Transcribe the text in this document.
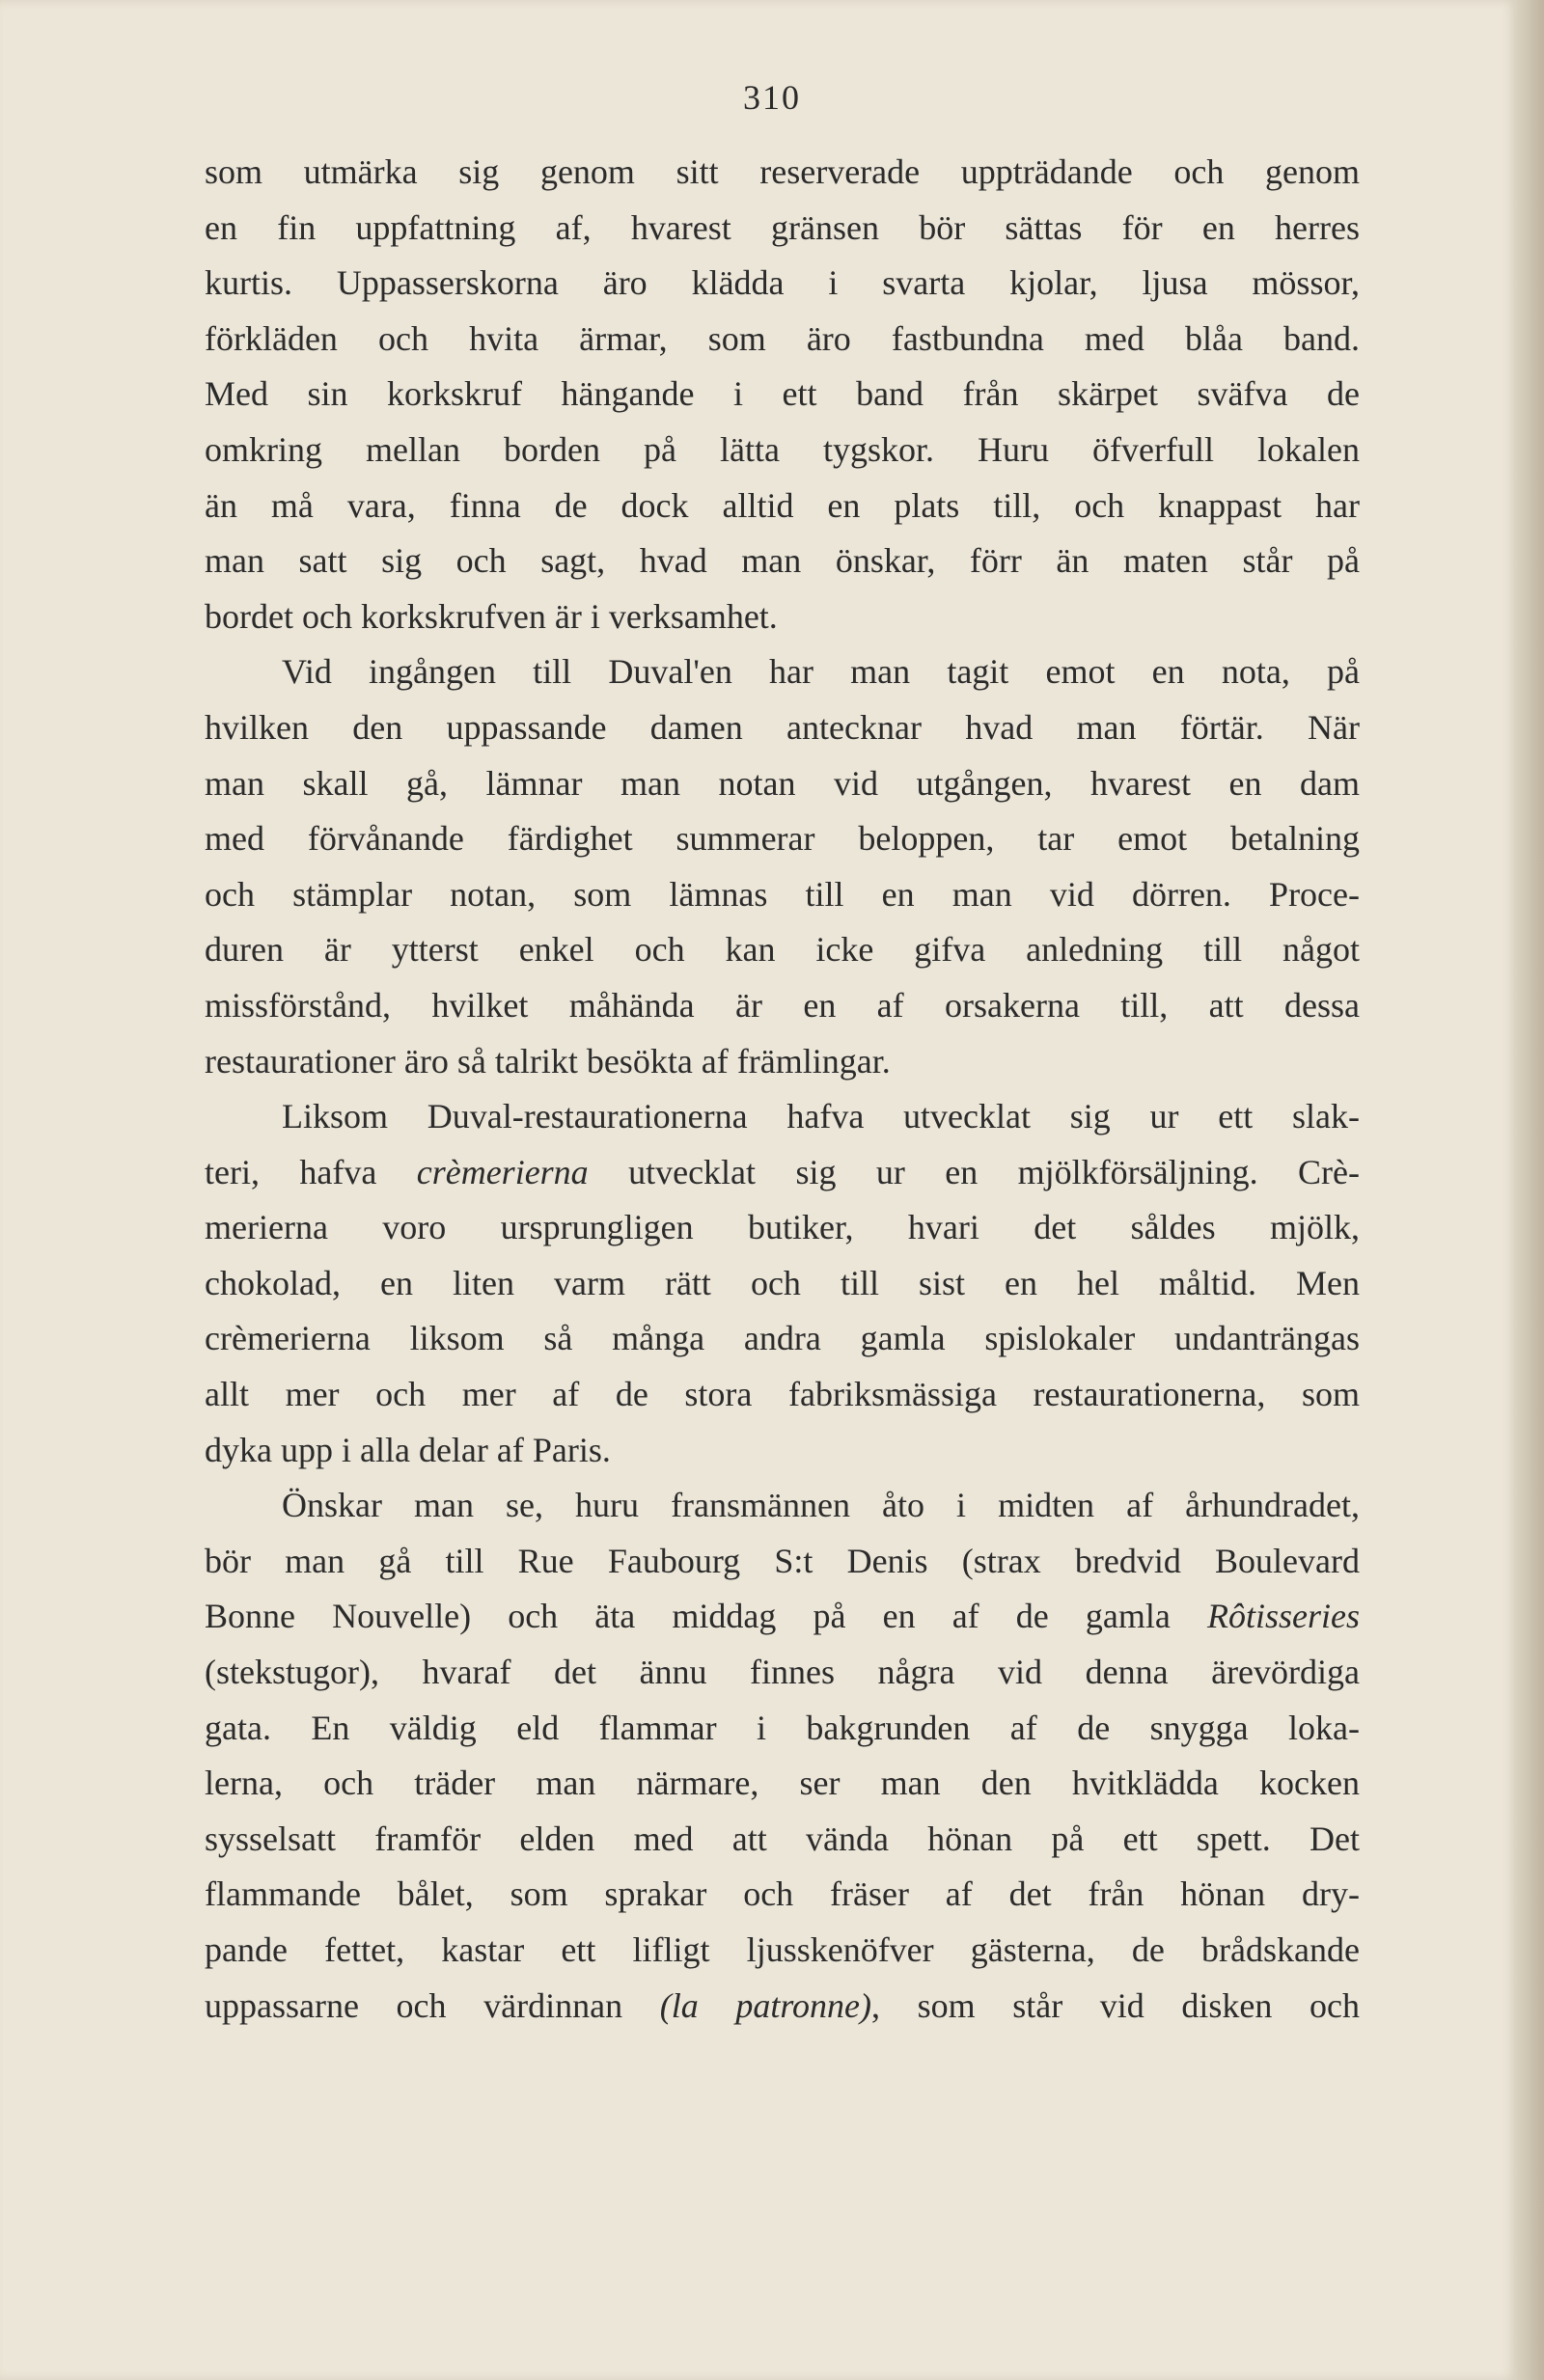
310
som utmärka sig genom sitt reserverade uppträdande och genom
en fin uppfattning af, hvarest gränsen bör sättas för en herres
kurtis. Uppasserskorna äro klädda i svarta kjolar, ljusa mössor,
förkläden och hvita ärmar, som äro fastbundna med blåa band.
Med sin korkskruf hängande i ett band från skärpet sväfva de
omkring mellan borden på lätta tygskor. Huru öfverfull lokalen
än må vara, finna de dock alltid en plats till, och knappast har
man satt sig och sagt, hvad man önskar, förr än maten står på
bordet och korkskrufven är i verksamhet.
Vid ingången till Duval'en har man tagit emot en nota, på
hvilken den uppassande damen antecknar hvad man förtär. När
man skall gå, lämnar man notan vid utgången, hvarest en dam
med förvånande färdighet summerar beloppen, tar emot betalning
och stämplar notan, som lämnas till en man vid dörren. Proce-
duren är ytterst enkel och kan icke gifva anledning till något
missförstånd, hvilket måhända är en af orsakerna till, att dessa
restaurationer äro så talrikt besökta af främlingar.
Liksom Duval-restaurationerna hafva utvecklat sig ur ett slak-
teri, hafva crèmerierna utvecklat sig ur en mjölkförsäljning. Crè-
merierna voro ursprungligen butiker, hvari det såldes mjölk,
chokolad, en liten varm rätt och till sist en hel måltid. Men
crèmerierna liksom så många andra gamla spislokaler undanträngas
allt mer och mer af de stora fabriksmässiga restaurationerna, som
dyka upp i alla delar af Paris.
Önskar man se, huru fransmännen åto i midten af århundradet,
bör man gå till Rue Faubourg S:t Denis (strax bredvid Boulevard
Bonne Nouvelle) och äta middag på en af de gamla Rôtisseries
(stekstugor), hvaraf det ännu finnes några vid denna ärevördiga
gata. En väldig eld flammar i bakgrunden af de snygga loka-
lerna, och träder man närmare, ser man den hvitklädda kocken
sysselsatt framför elden med att vända hönan på ett spett. Det
flammande bålet, som sprakar och fräser af det från hönan dry-
pande fettet, kastar ett lifligt ljusskenöfver gästerna, de brådskande
uppassarne och värdinnan (la patronne), som står vid disken och
